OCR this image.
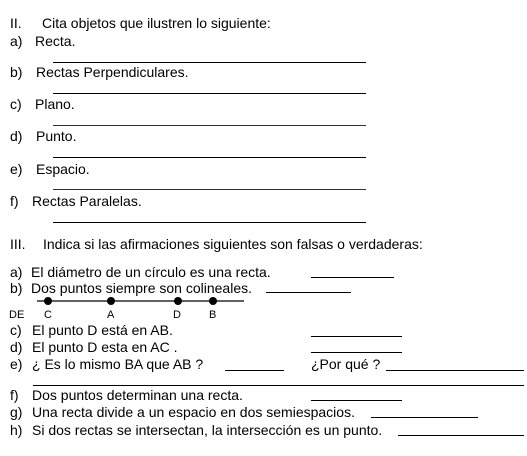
II. Cita objetos que ilustren lo siguiente:
a) Recta.
b) Rectas Perpendiculares.
c) Plano.
d) Punto.
e) Espacio.
f) Rectas Paralelas.
III. Indica si las afirmaciones siguientes son falsas o verdaderas:
a) El diámetro de un círculo es una recta.
b) Dos puntos siempre son colineales.
DE C	A	D	B
c) El punto D está en AB.
d) El punto D esta en AC .
e) ¿ Es lo mismo BA que AB ?	¿Por qué ?
f) Dos puntos determinan una recta.
g) Una recta divide a un espacio en dos semiespacios.
h) Si dos rectas se intersectan, la intersección es un punto.
